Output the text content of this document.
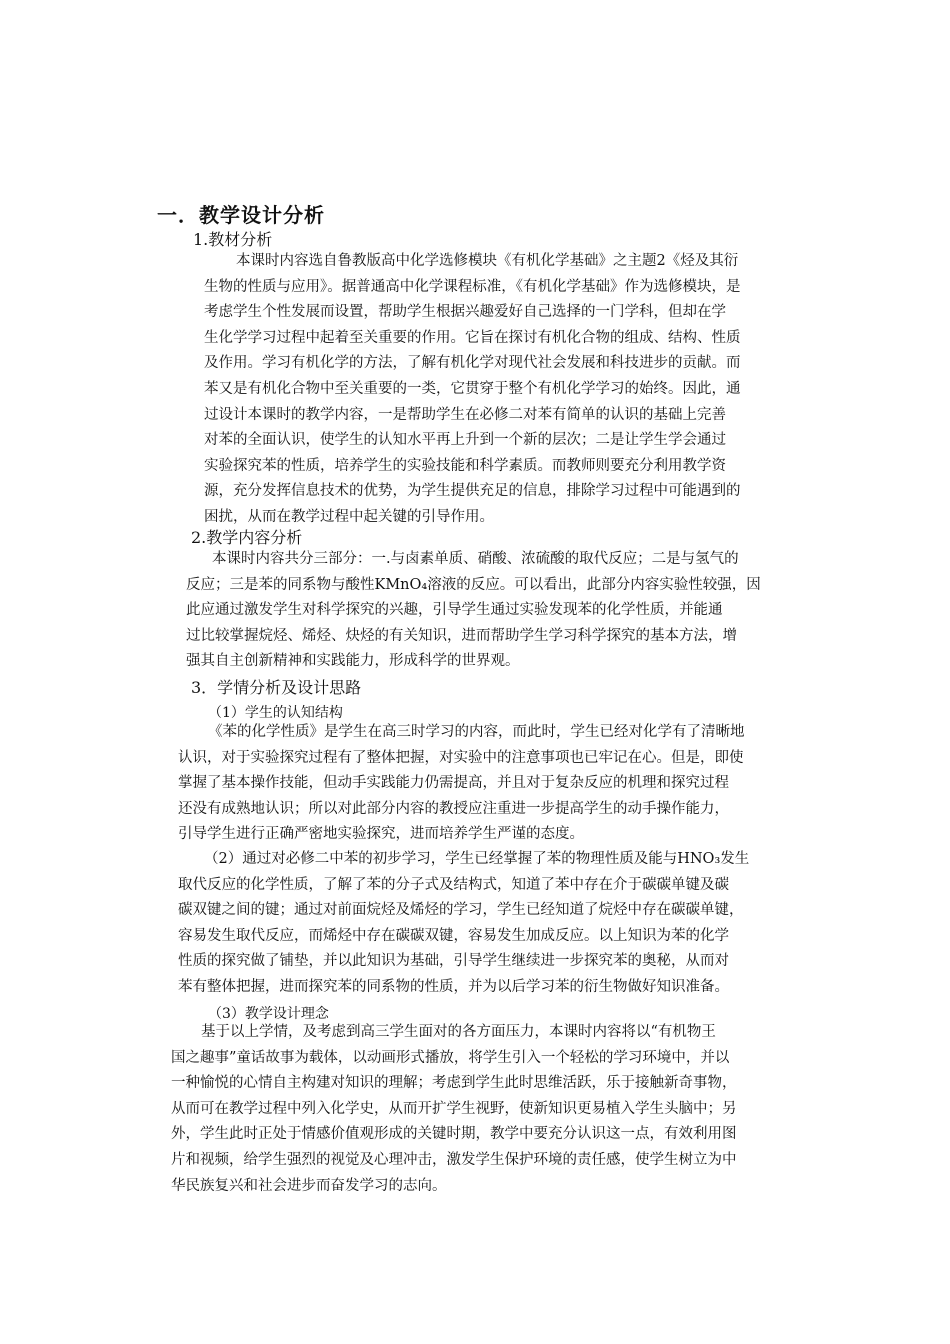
一．教学设计分析
1.教材分析
本课时内容选自鲁教版高中化学选修模块《有机化学基础》之主题2《烃及其衍
生物的性质与应用》。据普通高中化学课程标准，《有机化学基础》作为选修模块，是
考虑学生个性发展而设置，帮助学生根据兴趣爱好自己选择的一门学科，但却在学
生化学学习过程中起着至关重要的作用。它旨在探讨有机化合物的组成、结构、性质
及作用。学习有机化学的方法，了解有机化学对现代社会发展和科技进步的贡献。而
苯又是有机化合物中至关重要的一类，它贯穿于整个有机化学学习的始终。因此，通
过设计本课时的教学内容，一是帮助学生在必修二对苯有简单的认识的基础上完善
对苯的全面认识，使学生的认知水平再上升到一个新的层次；二是让学生学会通过
实验探究苯的性质，培养学生的实验技能和科学素质。而教师则要充分利用教学资
源，充分发挥信息技术的优势，为学生提供充足的信息，排除学习过程中可能遇到的
困扰，从而在教学过程中起关键的引导作用。
2.教学内容分析
本课时内容共分三部分：一.与卤素单质、硝酸、浓硫酸的取代反应；二是与氢气的
反应；三是苯的同系物与酸性KMnO₄溶液的反应。可以看出，此部分内容实验性较强，因
此应通过激发学生对科学探究的兴趣，引导学生通过实验发现苯的化学性质，并能通
过比较掌握烷烃、烯烃、炔烃的有关知识，进而帮助学生学习科学探究的基本方法，增
强其自主创新精神和实践能力，形成科学的世界观。
3．学情分析及设计思路
（1）学生的认知结构
《苯的化学性质》是学生在高三时学习的内容，而此时，学生已经对化学有了清晰地
认识，对于实验探究过程有了整体把握，对实验中的注意事项也已牢记在心。但是，即使
掌握了基本操作技能，但动手实践能力仍需提高，并且对于复杂反应的机理和探究过程
还没有成熟地认识；所以对此部分内容的教授应注重进一步提高学生的动手操作能力，
引导学生进行正确严密地实验探究，进而培养学生严谨的态度。
（2）通过对必修二中苯的初步学习，学生已经掌握了苯的物理性质及能与HNO₃发生
取代反应的化学性质，了解了苯的分子式及结构式，知道了苯中存在介于碳碳单键及碳
碳双键之间的键；通过对前面烷烃及烯烃的学习，学生已经知道了烷烃中存在碳碳单键，
容易发生取代反应，而烯烃中存在碳碳双键，容易发生加成反应。以上知识为苯的化学
性质的探究做了铺垫，并以此知识为基础，引导学生继续进一步探究苯的奥秘，从而对
苯有整体把握，进而探究苯的同系物的性质，并为以后学习苯的衍生物做好知识准备。
（3）教学设计理念
基于以上学情，及考虑到高三学生面对的各方面压力，本课时内容将以“有机物王
国之趣事”童话故事为载体，以动画形式播放，将学生引入一个轻松的学习环境中，并以
一种愉悦的心情自主构建对知识的理解；考虑到学生此时思维活跃，乐于接触新奇事物，
从而可在教学过程中列入化学史，从而开扩学生视野，使新知识更易植入学生头脑中；另
外，学生此时正处于情感价值观形成的关键时期，教学中要充分认识这一点，有效利用图
片和视频，给学生强烈的视觉及心理冲击，激发学生保护环境的责任感，使学生树立为中
华民族复兴和社会进步而奋发学习的志向。
